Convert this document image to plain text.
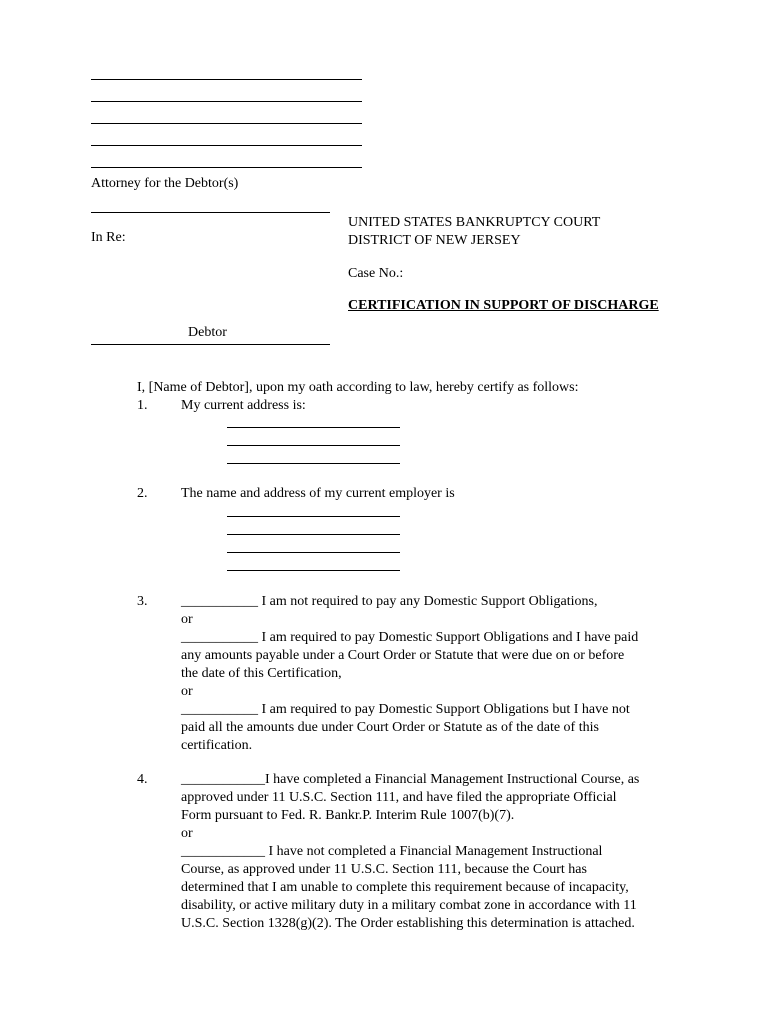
Attorney for the Debtor(s)
In Re:
UNITED STATES BANKRUPTCY COURT
DISTRICT OF NEW JERSEY
Case No.:
CERTIFICATION IN SUPPORT OF DISCHARGE
Debtor
I, [Name of Debtor], upon my oath according to law, hereby certify as follows:
1. My current address is:
2. The name and address of my current employer is
3. ___________ I am not required to pay any Domestic Support Obligations,
or
___________ I am required to pay Domestic Support Obligations and I have paid
any amounts payable under a Court Order or Statute that were due on or before
the date of this Certification,
or
___________ I am required to pay Domestic Support Obligations but I have not
paid all the amounts due under Court Order or Statute as of the date of this
certification.
4. ____________I have completed a Financial Management Instructional Course, as
approved under 11 U.S.C. Section 111, and have filed the appropriate Official
Form pursuant to Fed. R. Bankr.P. Interim Rule 1007(b)(7).
or
____________ I have not completed a Financial Management Instructional
Course, as approved under 11 U.S.C. Section 111, because the Court has
determined that I am unable to complete this requirement because of incapacity,
disability, or active military duty in a military combat zone in accordance with 11
U.S.C. Section 1328(g)(2). The Order establishing this determination is attached.
